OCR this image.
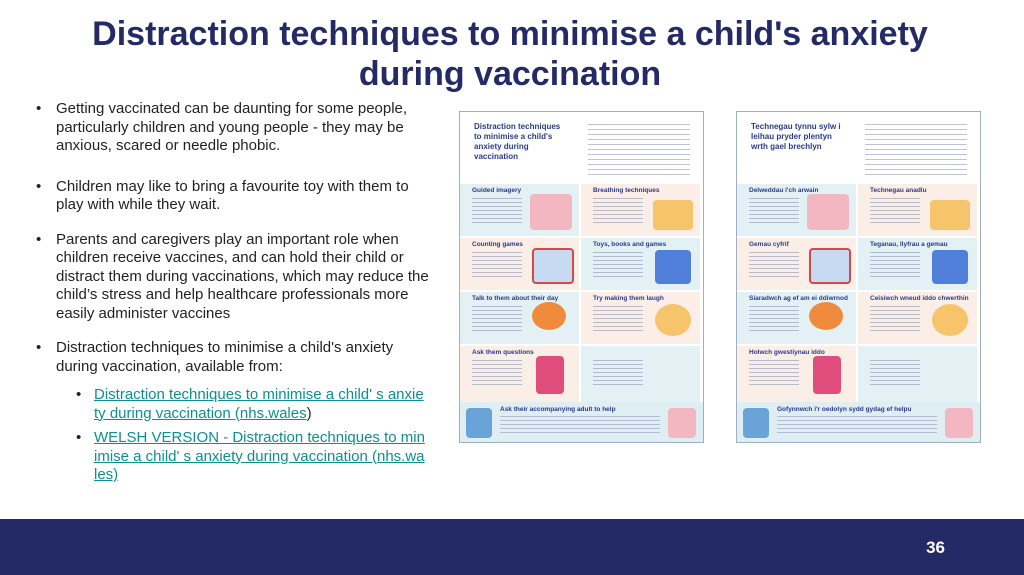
Distraction techniques to minimise a child's anxiety during vaccination
• Getting vaccinated can be daunting for some people, particularly children and young people - they may be anxious, scared or needle phobic.
• Children may like to bring a favourite toy with them to play with while they wait.
• Parents and caregivers play an important role when children receive vaccines, and can hold their child or distract them during vaccinations, which may reduce the child’s stress and help healthcare professionals more easily administer vaccines
• Distraction techniques to minimise a child's anxiety during vaccination, available from:
• Distraction techniques to minimise a child' s anxiety during vaccination (nhs.wales)
• WELSH VERSION - Distraction techniques to minimise a child' s anxiety during vaccination (nhs.wales)
Distraction techniques to minimise a child's anxiety during vaccination
Guided imagery	Breathing techniques
Counting games	Toys, books and games
Talk to them about their day	Try making them laugh
Ask them questions
Ask their accompanying adult to help
Technegau tynnu sylw i leihau pryder plentyn wrth gael brechlyn
Delweddau i'ch arwain	Technegau anadlu
Gemau cyfrif	Teganau, llyfrau a gemau
Siaradwch ag ef am ei ddiwrnod	Ceisiwch wneud iddo chwerthin
Holwch gwestiynau iddo
Gofynnwch i'r oedolyn sydd gydag ef helpu
36
